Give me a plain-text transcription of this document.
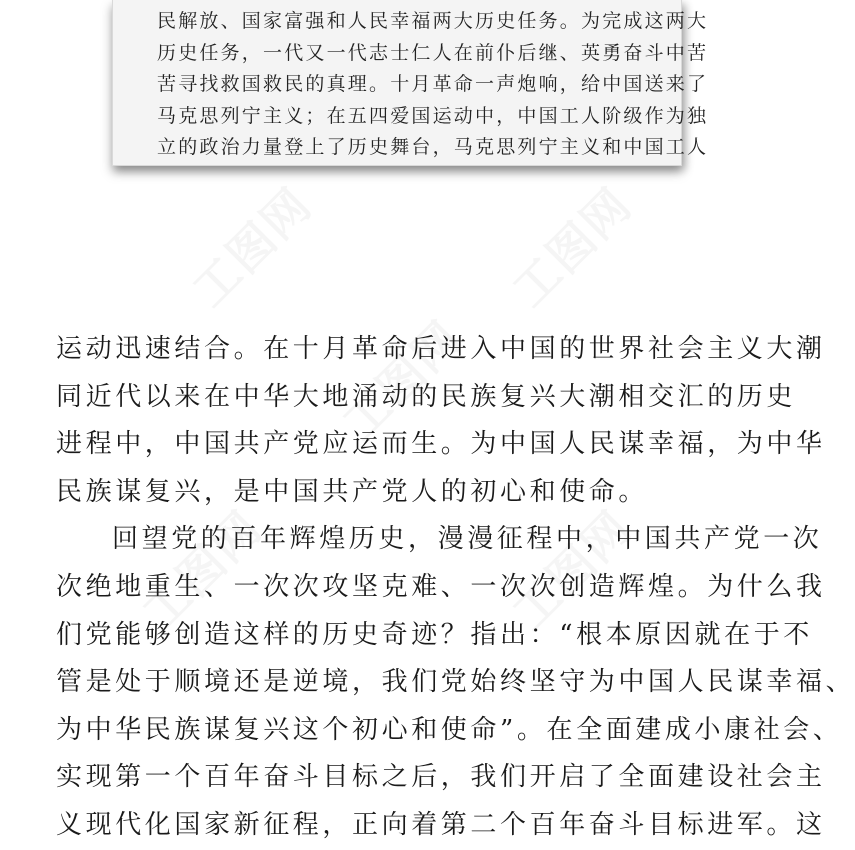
工图网	工图网
工图网
工图网	工图网
民解放、国家富强和人民幸福两大历史任务。为完成这两大
历史任务，一代又一代志士仁人在前仆后继、英勇奋斗中苦
苦寻找救国救民的真理。十月革命一声炮响，给中国送来了
马克思列宁主义；在五四爱国运动中，中国工人阶级作为独
立的政治力量登上了历史舞台，马克思列宁主义和中国工人
运动迅速结合。在十月革命后进入中国的世界社会主义大潮
同近代以来在中华大地涌动的民族复兴大潮相交汇的历史
进程中，中国共产党应运而生。为中国人民谋幸福，为中华
民族谋复兴，是中国共产党人的初心和使命。
回望党的百年辉煌历史，漫漫征程中，中国共产党一次
次绝地重生、一次次攻坚克难、一次次创造辉煌。为什么我
们党能够创造这样的历史奇迹？指出：“根本原因就在于不
管是处于顺境还是逆境，我们党始终坚守为中国人民谋幸福、
为中华民族谋复兴这个初心和使命”。在全面建成小康社会、
实现第一个百年奋斗目标之后，我们开启了全面建设社会主
义现代化国家新征程，正向着第二个百年奋斗目标进军。这
